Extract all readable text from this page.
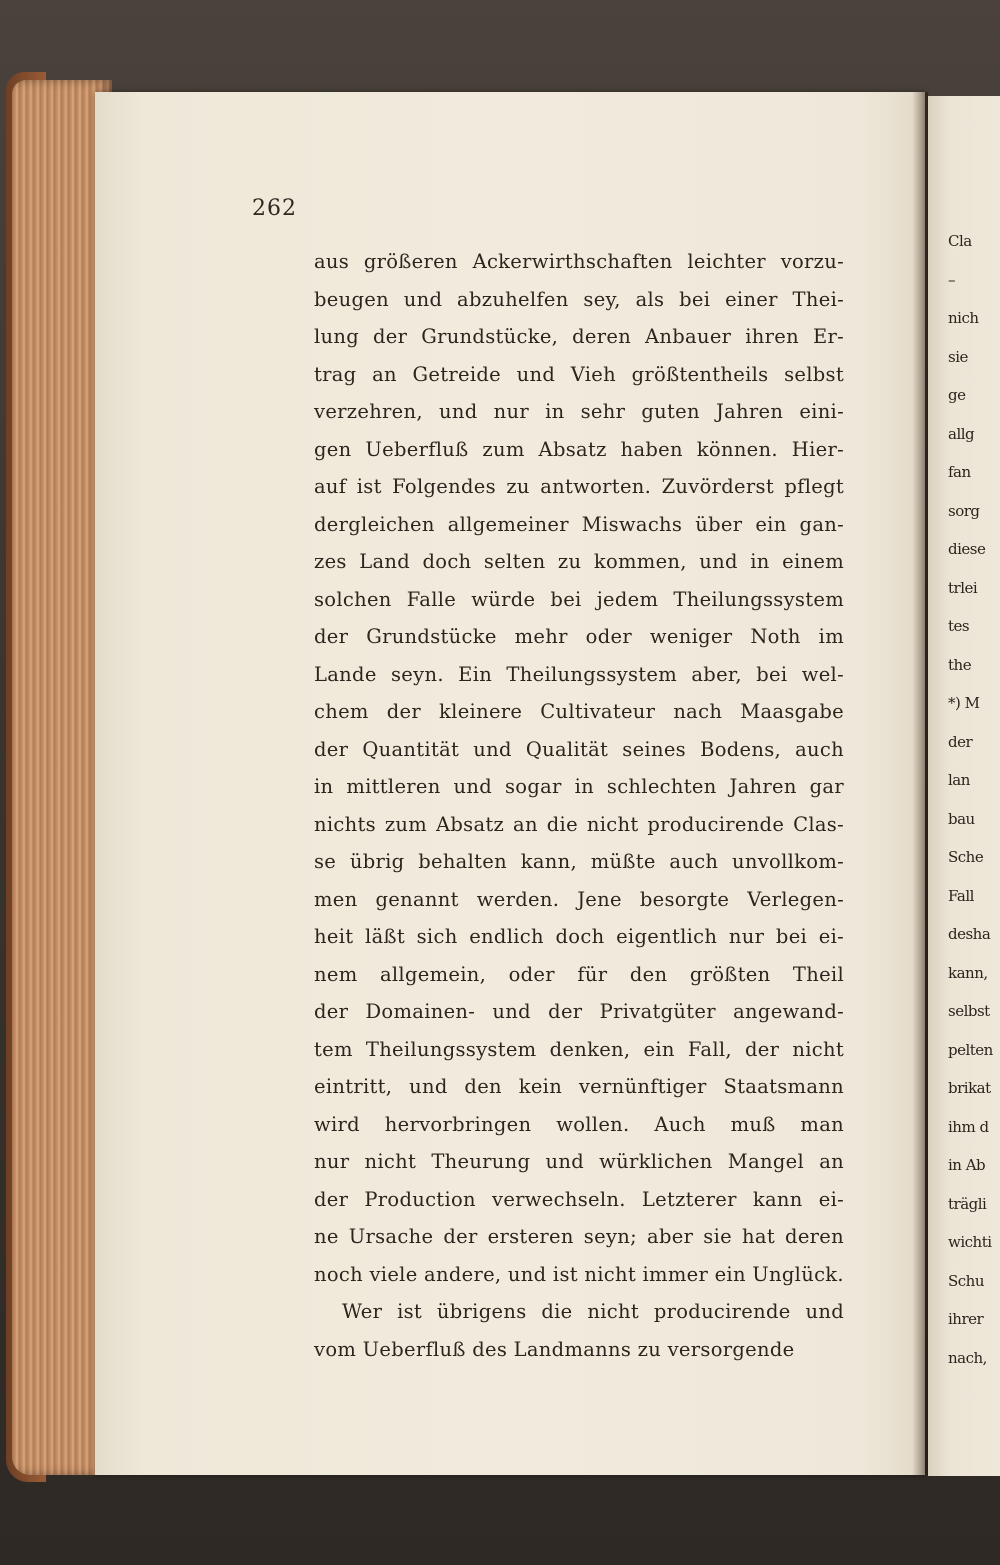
262
aus größeren Ackerwirthschaften leichter vorzu-
beugen und abzuhelfen sey, als bei einer Thei-
lung der Grundstücke, deren Anbauer ihren Er-
trag an Getreide und Vieh größtentheils selbst
verzehren, und nur in sehr guten Jahren eini-
gen Ueberfluß zum Absatz haben können. Hier-
auf ist Folgendes zu antworten. Zuvörderst pflegt
dergleichen allgemeiner Miswachs über ein gan-
zes Land doch selten zu kommen, und in einem
solchen Falle würde bei jedem Theilungssystem
der Grundstücke mehr oder weniger Noth im
Lande seyn. Ein Theilungssystem aber, bei wel-
chem der kleinere Cultivateur nach Maasgabe
der Quantität und Qualität seines Bodens, auch
in mittleren und sogar in schlechten Jahren gar
nichts zum Absatz an die nicht producirende Clas-
se übrig behalten kann, müßte auch unvollkom-
men genannt werden. Jene besorgte Verlegen-
heit läßt sich endlich doch eigentlich nur bei ei-
nem allgemein, oder für den größten Theil
der Domainen- und der Privatgüter angewand-
tem Theilungssystem denken, ein Fall, der nicht
eintritt, und den kein vernünftiger Staatsmann
wird hervorbringen wollen. Auch muß man
nur nicht Theurung und würklichen Mangel an
der Production verwechseln. Letzterer kann ei-
ne Ursache der ersteren seyn; aber sie hat deren
noch viele andere, und ist nicht immer ein Unglück.
Wer ist übrigens die nicht producirende und
vom Ueberfluß des Landmanns zu versorgende
Cla
–
nich
sie
ge
allg
fan
sorg
diese
trlei
tes
the
*) M
der
lan
bau
Sche
Fall
desha
kann,
selbst
pelten
brikat
ihm d
in Ab
trägli
wichti
Schu
ihrer
nach,
